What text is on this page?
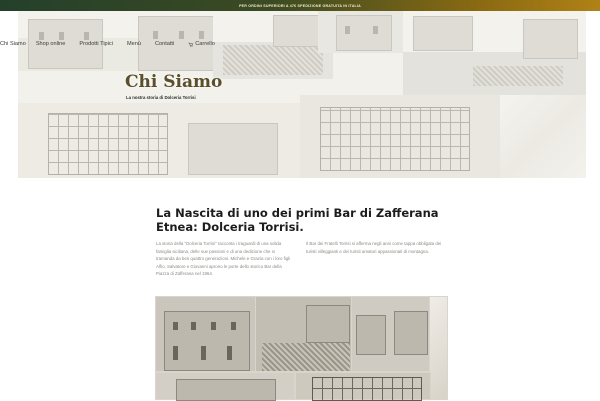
PER ORDINI SUPERIORI A 47€ SPEDIZIONE GRATUITA IN ITALIA
Chi Siamo Shop online	Prodotti Tipici	Menù	Contatti	Carrello
Chi Siamo
La nostra storia di Dolceria Torrisi
La Nascita di uno dei primi Bar di Zafferana Etnea: Dolceria Torrisi.

La storia della "Dolceria Torrisi" racconta i traguardi di una solida famiglia siciliana, delle sue passioni e di una dedizione che si tramanda da ben quattro generazioni. Michele e Grazia con i loro figli Alfio, Salvatore e Giovanni aprono le porte dello storico Bar della Piazza di Zafferana nel 1964.

Il Bar dei Fratelli Torrisi si afferma negli anni come tappa obbligata dei turisti villeggianti e dei turisti amatori appassionati di montagna.
